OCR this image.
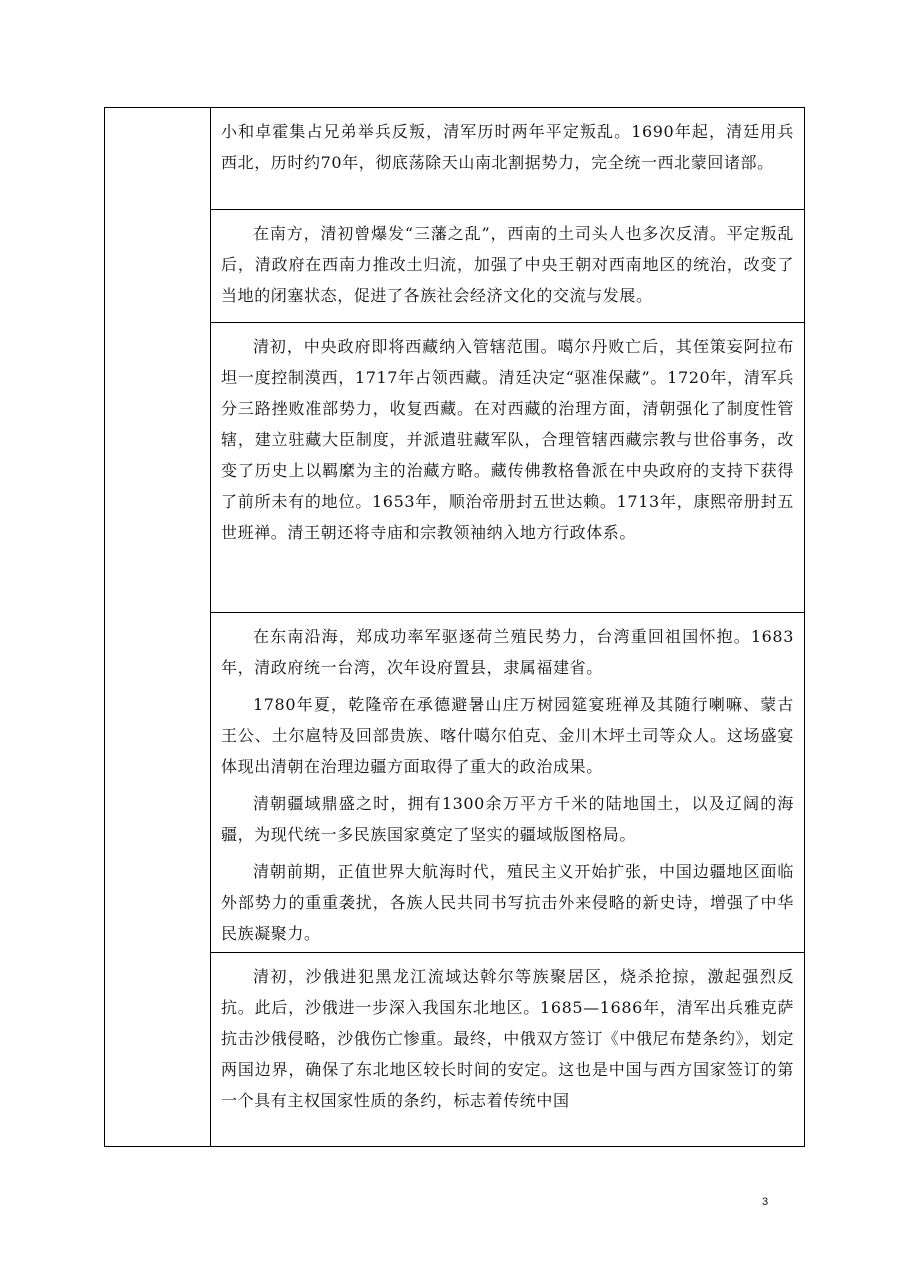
小和卓霍集占兄弟举兵反叛，清军历时两年平定叛乱。1690年起，清廷用兵西北，历时约70年，彻底荡除天山南北割据势力，完全统一西北蒙回诸部。

在南方，清初曾爆发“三藩之乱”，西南的土司头人也多次反清。平定叛乱后，清政府在西南力推改土归流，加强了中央王朝对西南地区的统治，改变了当地的闭塞状态，促进了各族社会经济文化的交流与发展。

清初，中央政府即将西藏纳入管辖范围。噶尔丹败亡后，其侄策妄阿拉布坦一度控制漠西，1717年占领西藏。清廷决定“驱准保藏”。1720年，清军兵分三路挫败准部势力，收复西藏。在对西藏的治理方面，清朝强化了制度性管辖，建立驻藏大臣制度，并派遣驻藏军队，合理管辖西藏宗教与世俗事务，改变了历史上以羁縻为主的治藏方略。藏传佛教格鲁派在中央政府的支持下获得了前所未有的地位。1653年，顺治帝册封五世达赖。1713年，康熙帝册封五世班禅。清王朝还将寺庙和宗教领袖纳入地方行政体系。

在东南沿海，郑成功率军驱逐荷兰殖民势力，台湾重回祖国怀抱。1683年，清政府统一台湾，次年设府置县，隶属福建省。

1780年夏，乾隆帝在承德避暑山庄万树园筵宴班禅及其随行喇嘛、蒙古王公、土尔扈特及回部贵族、喀什噶尔伯克、金川木坪土司等众人。这场盛宴体现出清朝在治理边疆方面取得了重大的政治成果。

清朝疆域鼎盛之时，拥有1300余万平方千米的陆地国土，以及辽阔的海疆，为现代统一多民族国家奠定了坚实的疆域版图格局。

清朝前期，正值世界大航海时代，殖民主义开始扩张，中国边疆地区面临外部势力的重重袭扰，各族人民共同书写抗击外来侵略的新史诗，增强了中华民族凝聚力。

清初，沙俄进犯黑龙江流域达斡尔等族聚居区，烧杀抢掠，激起强烈反抗。此后，沙俄进一步深入我国东北地区。1685—1686年，清军出兵雅克萨抗击沙俄侵略，沙俄伤亡惨重。最终，中俄双方签订《中俄尼布楚条约》，划定两国边界，确保了东北地区较长时间的安定。这也是中国与西方国家签订的第一个具有主权国家性质的条约，标志着传统中国

3
